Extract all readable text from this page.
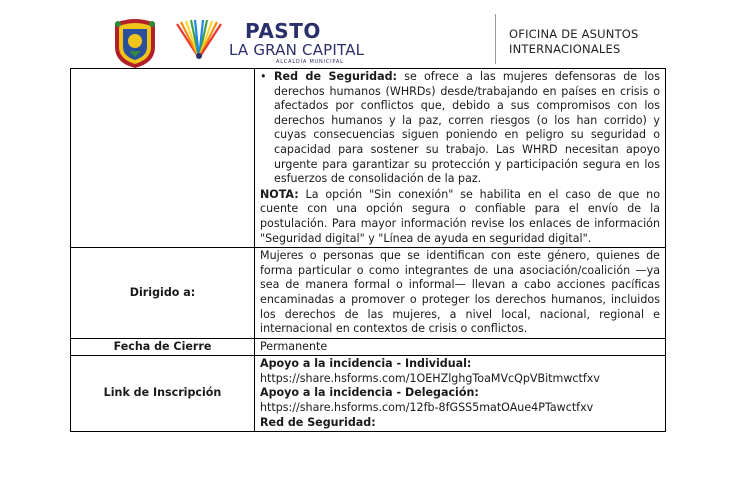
PASTO
LA GRAN CAPITAL
ALCALDÍA MUNICIPAL
OFICINA DE ASUNTOS
INTERNACIONALES

	• Red de Seguridad: se ofrece a las mujeres defensoras de los derechos humanos (WHRDs) desde/trabajando en países en crisis o afectados por conflictos que, debido a sus compromisos con los derechos humanos y la paz, corren riesgos (o los han corrido) y cuyas consecuencias siguen poniendo en peligro su seguridad o capacidad para sostener su trabajo. Las WHRD necesitan apoyo urgente para garantizar su protección y participación segura en los esfuerzos de consolidación de la paz.

NOTA: La opción "Sin conexión" se habilita en el caso de que no cuente con una opción segura o confiable para el envío de la postulación. Para mayor información revise los enlaces de información "Seguridad digital" y "Línea de ayuda en seguridad digital".

Dirigido a:	Mujeres o personas que se identifican con este género, quienes de forma particular o como integrantes de una asociación/coalición —ya sea de manera formal o informal— llevan a cabo acciones pacíficas encaminadas a promover o proteger los derechos humanos, incluidos los derechos de las mujeres, a nivel local, nacional, regional e internacional en contextos de crisis o conflictos.
Fecha de Cierre	Permanente
Link de Inscripción	Apoyo a la incidencia - Individual:
https://share.hsforms.com/1OEHZlghgToaMVcQpVBitmwctfxv
Apoyo a la incidencia - Delegación:
https://share.hsforms.com/12fb-8fGSS5matOAue4PTawctfxv
Red de Seguridad:
